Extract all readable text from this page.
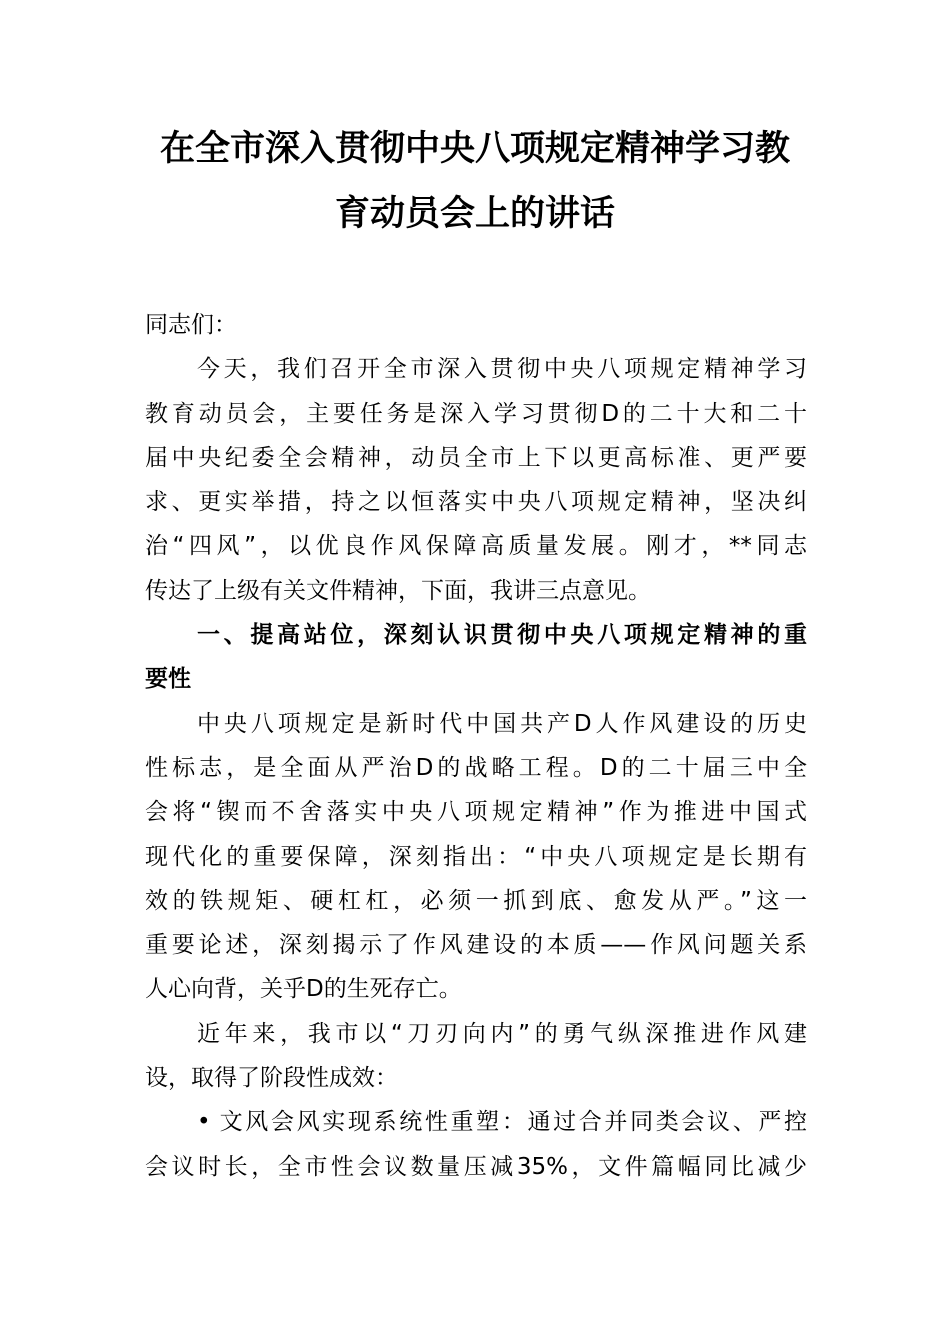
在全市深入贯彻中央八项规定精神学习教
育动员会上的讲话
同志们：
今天，我们召开全市深入贯彻中央八项规定精神学习
教育动员会，主要任务是深入学习贯彻D的二十大和二十
届中央纪委全会精神，动员全市上下以更高标准、更严要
求、更实举措，持之以恒落实中央八项规定精神，坚决纠
治“四风”，以优良作风保障高质量发展。刚才，**同志
传达了上级有关文件精神，下面，我讲三点意见。
一、提高站位，深刻认识贯彻中央八项规定精神的重
要性
中央八项规定是新时代中国共产D人作风建设的历史
性标志，是全面从严治D的战略工程。D的二十届三中全
会将“锲而不舍落实中央八项规定精神”作为推进中国式
现代化的重要保障，深刻指出：“中央八项规定是长期有
效的铁规矩、硬杠杠，必须一抓到底、愈发从严。”这一
重要论述，深刻揭示了作风建设的本质——作风问题关系
人心向背，关乎D的生死存亡。
近年来，我市以“刀刃向内”的勇气纵深推进作风建
设，取得了阶段性成效：
• 文风会风实现系统性重塑：通过合并同类会议、严控
会议时长，全市性会议数量压减35%，文件篇幅同比减少
